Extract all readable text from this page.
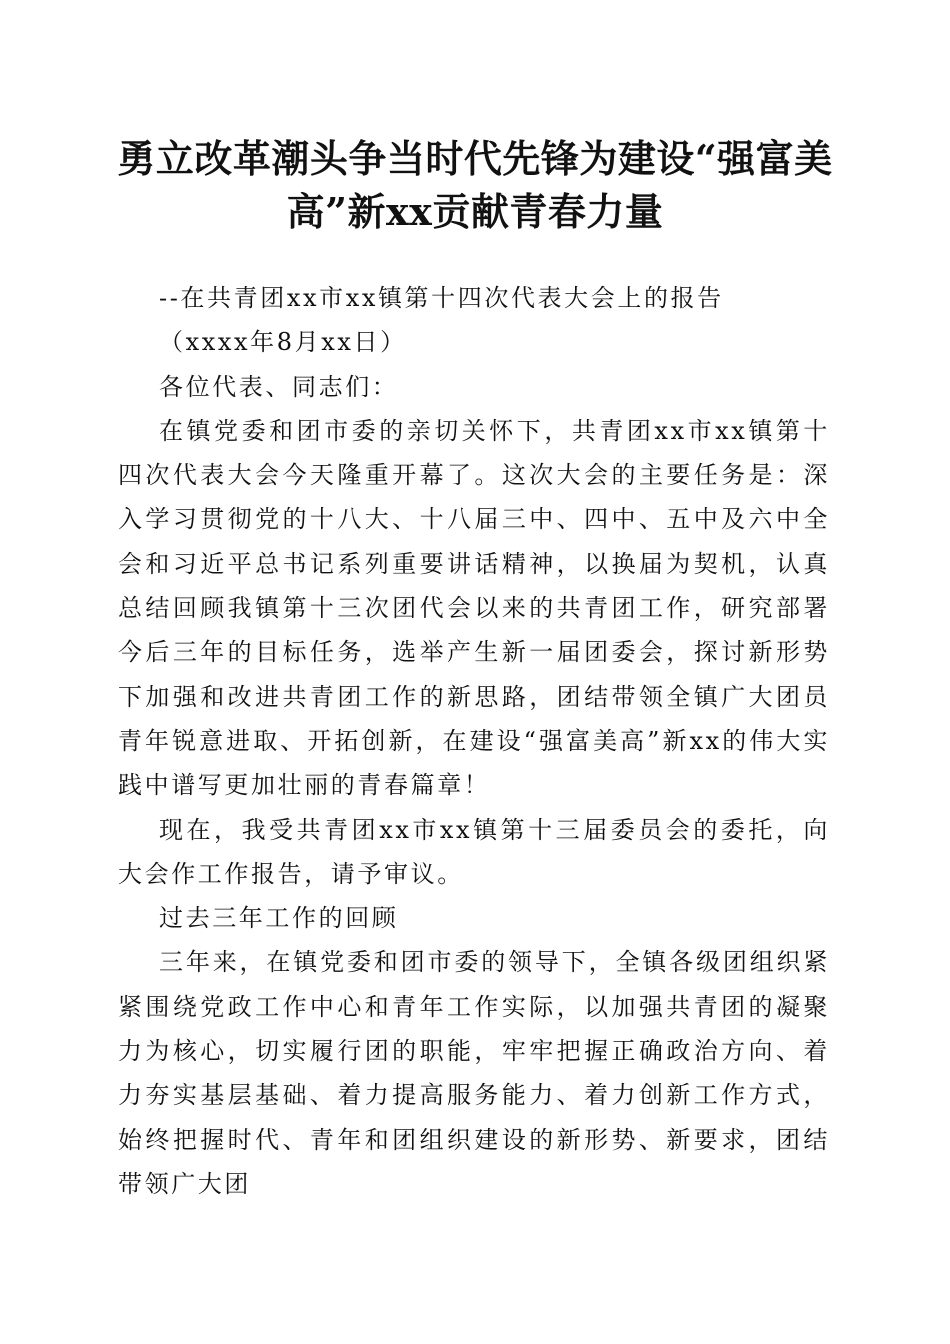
勇立改革潮头争当时代先锋为建设“强富美高”新xx贡献青春力量

--在共青团xx市xx镇第十四次代表大会上的报告

（xxxx年8月xx日）

各位代表、同志们：

在镇党委和团市委的亲切关怀下，共青团xx市xx镇第十四次代表大会今天隆重开幕了。这次大会的主要任务是：深入学习贯彻党的十八大、十八届三中、四中、五中及六中全会和习近平总书记系列重要讲话精神，以换届为契机，认真总结回顾我镇第十三次团代会以来的共青团工作，研究部署今后三年的目标任务，选举产生新一届团委会，探讨新形势下加强和改进共青团工作的新思路，团结带领全镇广大团员青年锐意进取、开拓创新，在建设“强富美高”新xx的伟大实践中谱写更加壮丽的青春篇章！

现在，我受共青团xx市xx镇第十三届委员会的委托，向大会作工作报告，请予审议。

过去三年工作的回顾

三年来，在镇党委和团市委的领导下，全镇各级团组织紧紧围绕党政工作中心和青年工作实际，以加强共青团的凝聚力为核心，切实履行团的职能，牢牢把握正确政治方向、着力夯实基层基础、着力提高服务能力、着力创新工作方式，始终把握时代、青年和团组织建设的新形势、新要求，团结带领广大团
